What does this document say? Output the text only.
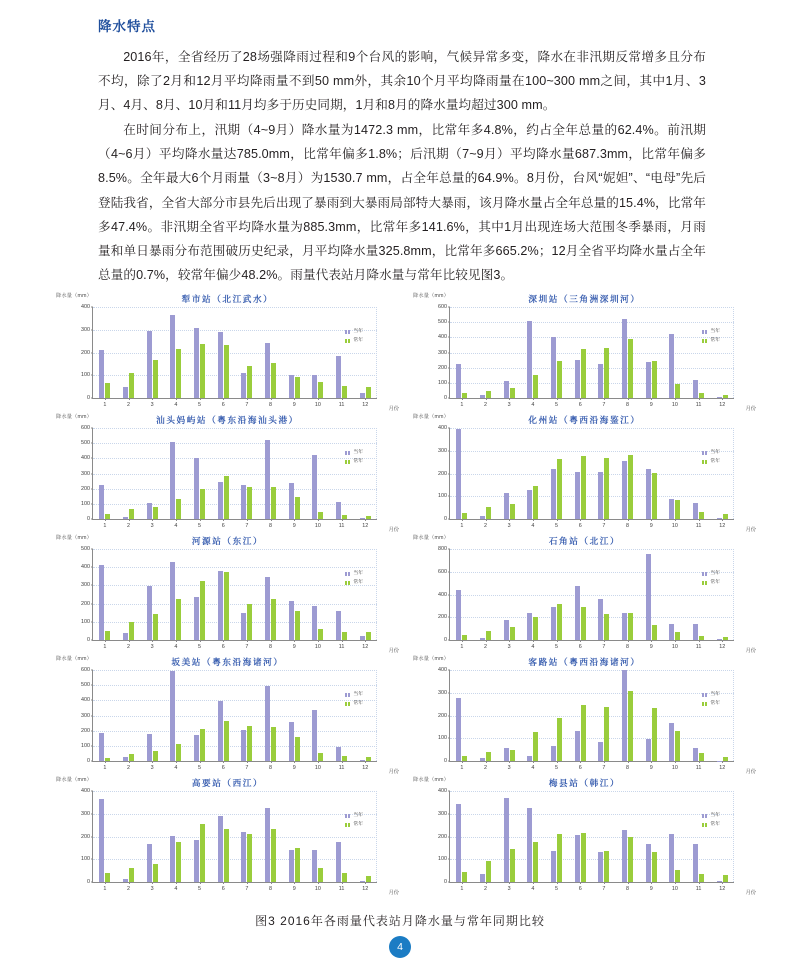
降水特点

2016年，全省经历了28场强降雨过程和9个台风的影响，气候异常多变，降水在非汛期反常增多且分布不均，除了2月和12月平均降雨量不到50 mm外，其余10个月平均降雨量在100~300 mm之间，其中1月、3月、4月、8月、10月和11月均多于历史同期，1月和8月的降水量均超过300 mm。

在时间分布上，汛期（4~9月）降水量为1472.3 mm，比常年多4.8%，约占全年总量的62.4%。前汛期（4~6月）平均降水量达785.0mm，比常年偏多1.8%；后汛期（7~9月）平均降水量687.3mm，比常年偏多8.5%。全年最大6个月雨量（3~8月）为1530.7 mm，占全年总量的64.9%。8月份，台风“妮妲”、“电母”先后登陆我省，全省大部分市县先后出现了暴雨到大暴雨局部特大暴雨，该月降水量占全年总量的15.4%，比常年多47.4%。非汛期全省平均降水量为885.3mm，比常年多141.6%，其中1月出现连场大范围冬季暴雨，月雨量和单日暴雨分布范围破历史纪录，月平均降水量325.8mm，比常年多665.2%；12月全省平均降水量占全年总量的0.7%，较常年偏少48.2%。雨量代表站月降水量与常年比较见图3。

降水量（mm）	犁市站（北江武水）
月份
0
100
200
300
400
1	2	3	4	5	6	7	8	9	10	11	12
当年
常年
降水量（mm）	深圳站（三角洲深圳河）
月份
0
100
200
300
400
500
600
1	2	3	4	5	6	7	8	9	10	11	12
当年
常年
降水量（mm）	汕头妈屿站（粤东沿海汕头港）
月份
0
100
200
300
400
500
600
1	2	3	4	5	6	7	8	9	10	11	12
当年
常年
降水量（mm）	化州站（粤西沿海鉴江）
月份
0
100
200
300
400
1	2	3	4	5	6	7	8	9	10	11	12
当年
常年
降水量（mm）	河源站（东江）
月份
0
100
200
300
400
500
1	2	3	4	5	6	7	8	9	10	11	12
当年
常年
降水量（mm）	石角站（北江）
月份
0
200
400
600
800
1	2	3	4	5	6	7	8	9	10	11	12
当年
常年
降水量（mm）	坂美站（粤东沿海诸河）
月份
0
100
200
300
400
500
600
1	2	3	4	5	6	7	8	9	10	11	12
当年
常年
降水量（mm）	客路站（粤西沿海诸河）
月份
0
100
200
300
400
1	2	3	4	5	6	7	8	9	10	11	12
当年
常年
降水量（mm）	高要站（西江）
月份
0
100
200
300
400
1	2	3	4	5	6	7	8	9	10	11	12
当年
常年
降水量（mm）	梅县站（韩江）
月份
0
100
200
300
400
1	2	3	4	5	6	7	8	9	10	11	12
当年
常年
图3 2016年各雨量代表站月降水量与常年同期比较
4
